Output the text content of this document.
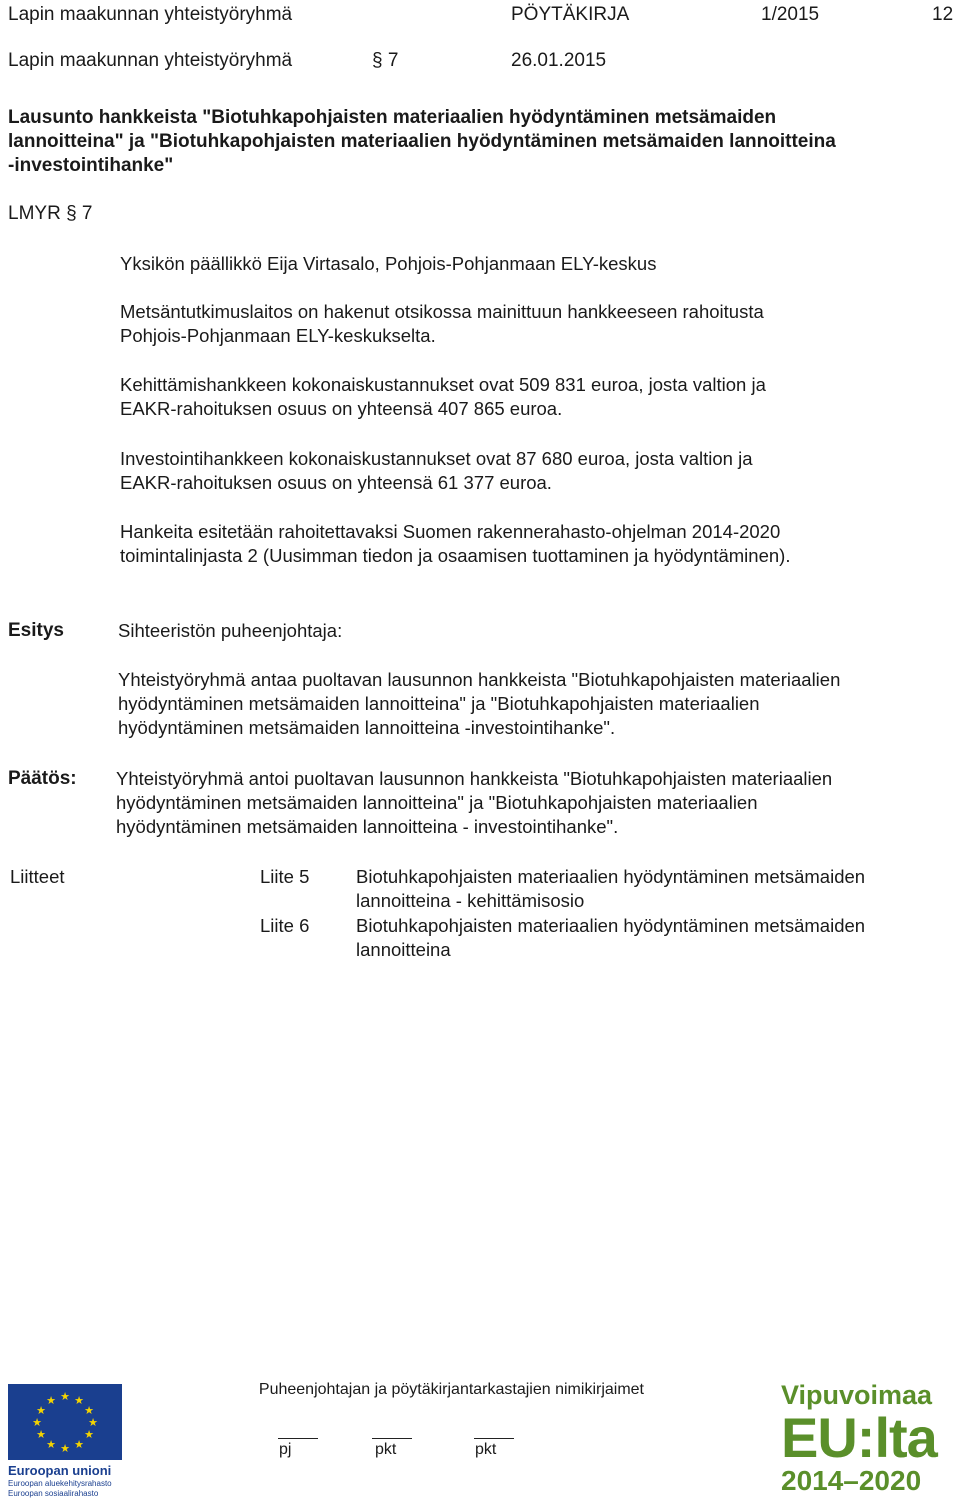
Lapin maakunnan yhteistyöryhmä	PÖYTÄKIRJA	1/2015	12
Lapin maakunnan yhteistyöryhmä	§ 7	26.01.2015
Lausunto hankkeista "Biotuhkapohjaisten materiaalien hyödyntäminen metsämaiden
lannoitteina" ja "Biotuhkapohjaisten materiaalien hyödyntäminen metsämaiden lannoitteina
-investointihanke"
LMYR § 7
Yksikön päällikkö Eija Virtasalo, Pohjois-Pohjanmaan ELY-keskus
Metsäntutkimuslaitos on hakenut otsikossa mainittuun hankkeeseen rahoitusta
Pohjois-Pohjanmaan ELY-keskukselta.
Kehittämishankkeen kokonaiskustannukset ovat 509 831 euroa, josta valtion ja
EAKR-rahoituksen osuus on yhteensä 407 865 euroa.
Investointihankkeen kokonaiskustannukset ovat 87 680 euroa, josta valtion ja
EAKR-rahoituksen osuus on yhteensä 61 377 euroa.
Hankeita esitetään rahoitettavaksi Suomen rakennerahasto-ohjelman 2014-2020
toimintalinjasta 2 (Uusimman tiedon ja osaamisen tuottaminen ja hyödyntäminen).
Esitys	Sihteeristön puheenjohtaja:
Yhteistyöryhmä antaa puoltavan lausunnon hankkeista "Biotuhkapohjaisten materiaalien
hyödyntäminen metsämaiden lannoitteina" ja "Biotuhkapohjaisten materiaalien
hyödyntäminen metsämaiden lannoitteina -investointihanke".
Päätös: Yhteistyöryhmä antoi puoltavan lausunnon hankkeista "Biotuhkapohjaisten materiaalien
hyödyntäminen metsämaiden lannoitteina" ja "Biotuhkapohjaisten materiaalien
hyödyntäminen metsämaiden lannoitteina - investointihanke".
Liitteet	Liite 5	Biotuhkapohjaisten materiaalien hyödyntäminen metsämaiden
lannoitteina - kehittämisosio
Liite 6	Biotuhkapohjaisten materiaalien hyödyntäminen metsämaiden
lannoitteina
Puheenjohtajan ja pöytäkirjantarkastajien nimikirjaimet
pj	pkt	pkt
★ ★
★
★
★
★
★
★
★
★
★
★
Euroopan unioni
Euroopan aluekehitysrahasto
Euroopan sosiaalirahasto
Vipuvoimaa
EU:lta
2014–2020
